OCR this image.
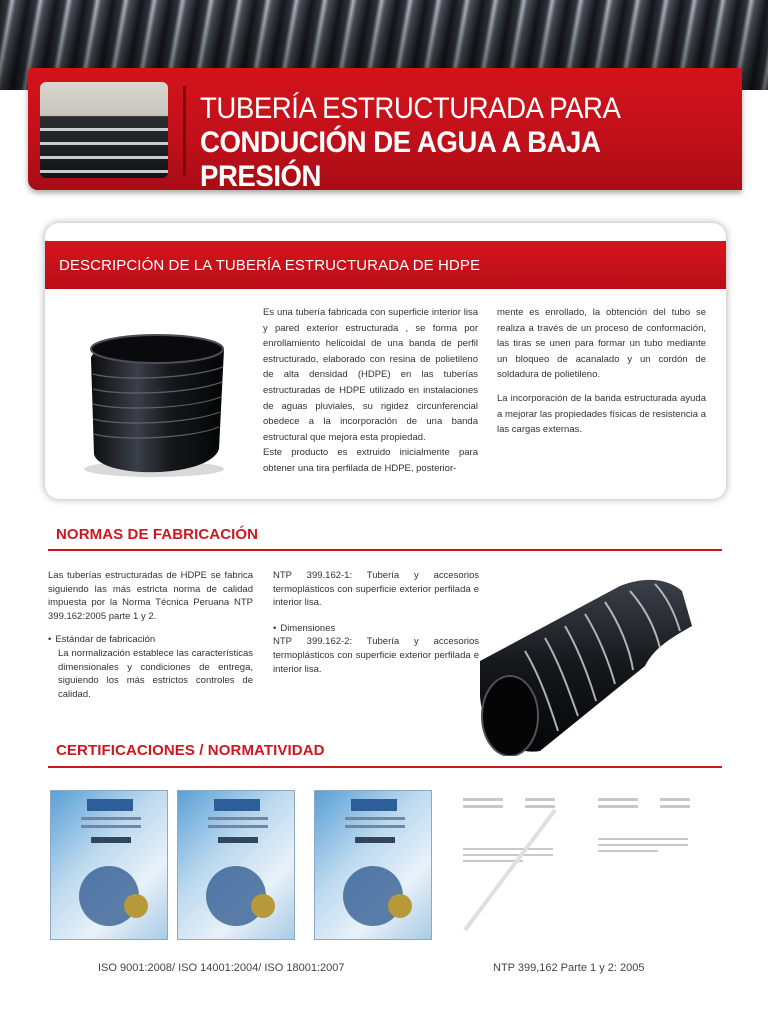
TUBERÍA ESTRUCTURADA PARA
CONDUCIÓN DE AGUA A BAJA PRESIÓN
DESCRIPCIÓN DE LA TUBERÍA ESTRUCTURADA DE HDPE

Es una tubería fabricada con superficie interior lisa y pared exterior estructurada , se forma por enrollamiento helicoidal de una banda de perfil estructurado, elaborado con resina de polietileno de alta densidad (HDPE) en las tuberías estructuradas de HDPE utilizado en instalaciones de aguas pluviales, su rigidez circunferencial obedece a la incorporación de una banda estructural que mejora esta propiedad.

Este producto es extruido inicialmente para obtener una tira perfilada de HDPE, posterior-

mente es enrollado, la obtención del tubo se realiza a través de un proceso de conformación, las tiras se unen para formar un tubo mediante un bloqueo de acanalado y un cordón de soldadura de polietileno.

La incorporación de la banda estructurada ayuda a mejorar las propiedades físicas de resistencia a las cargas externas.

NORMAS DE FABRICACIÓN

Las tuberías estructuradas de HDPE se fabrica siguiendo las más estricta norma de calidad impuesta por la Norma Técnica Peruana NTP 399.162:2005 parte 1 y 2.

• Estándar de fabricación

La normalización establece las características dimensionales y condiciones de entrega, siguiendo los más estrictos controles de calidad.

NTP 399.162-1: Tubería y accesorios termoplásticos con superficie exterior perfilada e interior lisa.

• Dimensiones

NTP 399.162-2: Tubería y accesorios termoplásticos con superficie exterior perfilada e interior lisa.

CERTIFICACIONES / NORMATIVIDAD
ISO 9001:2008/ ISO 14001:2004/ ISO 18001:2007	NTP 399,162 Parte 1 y 2: 2005
